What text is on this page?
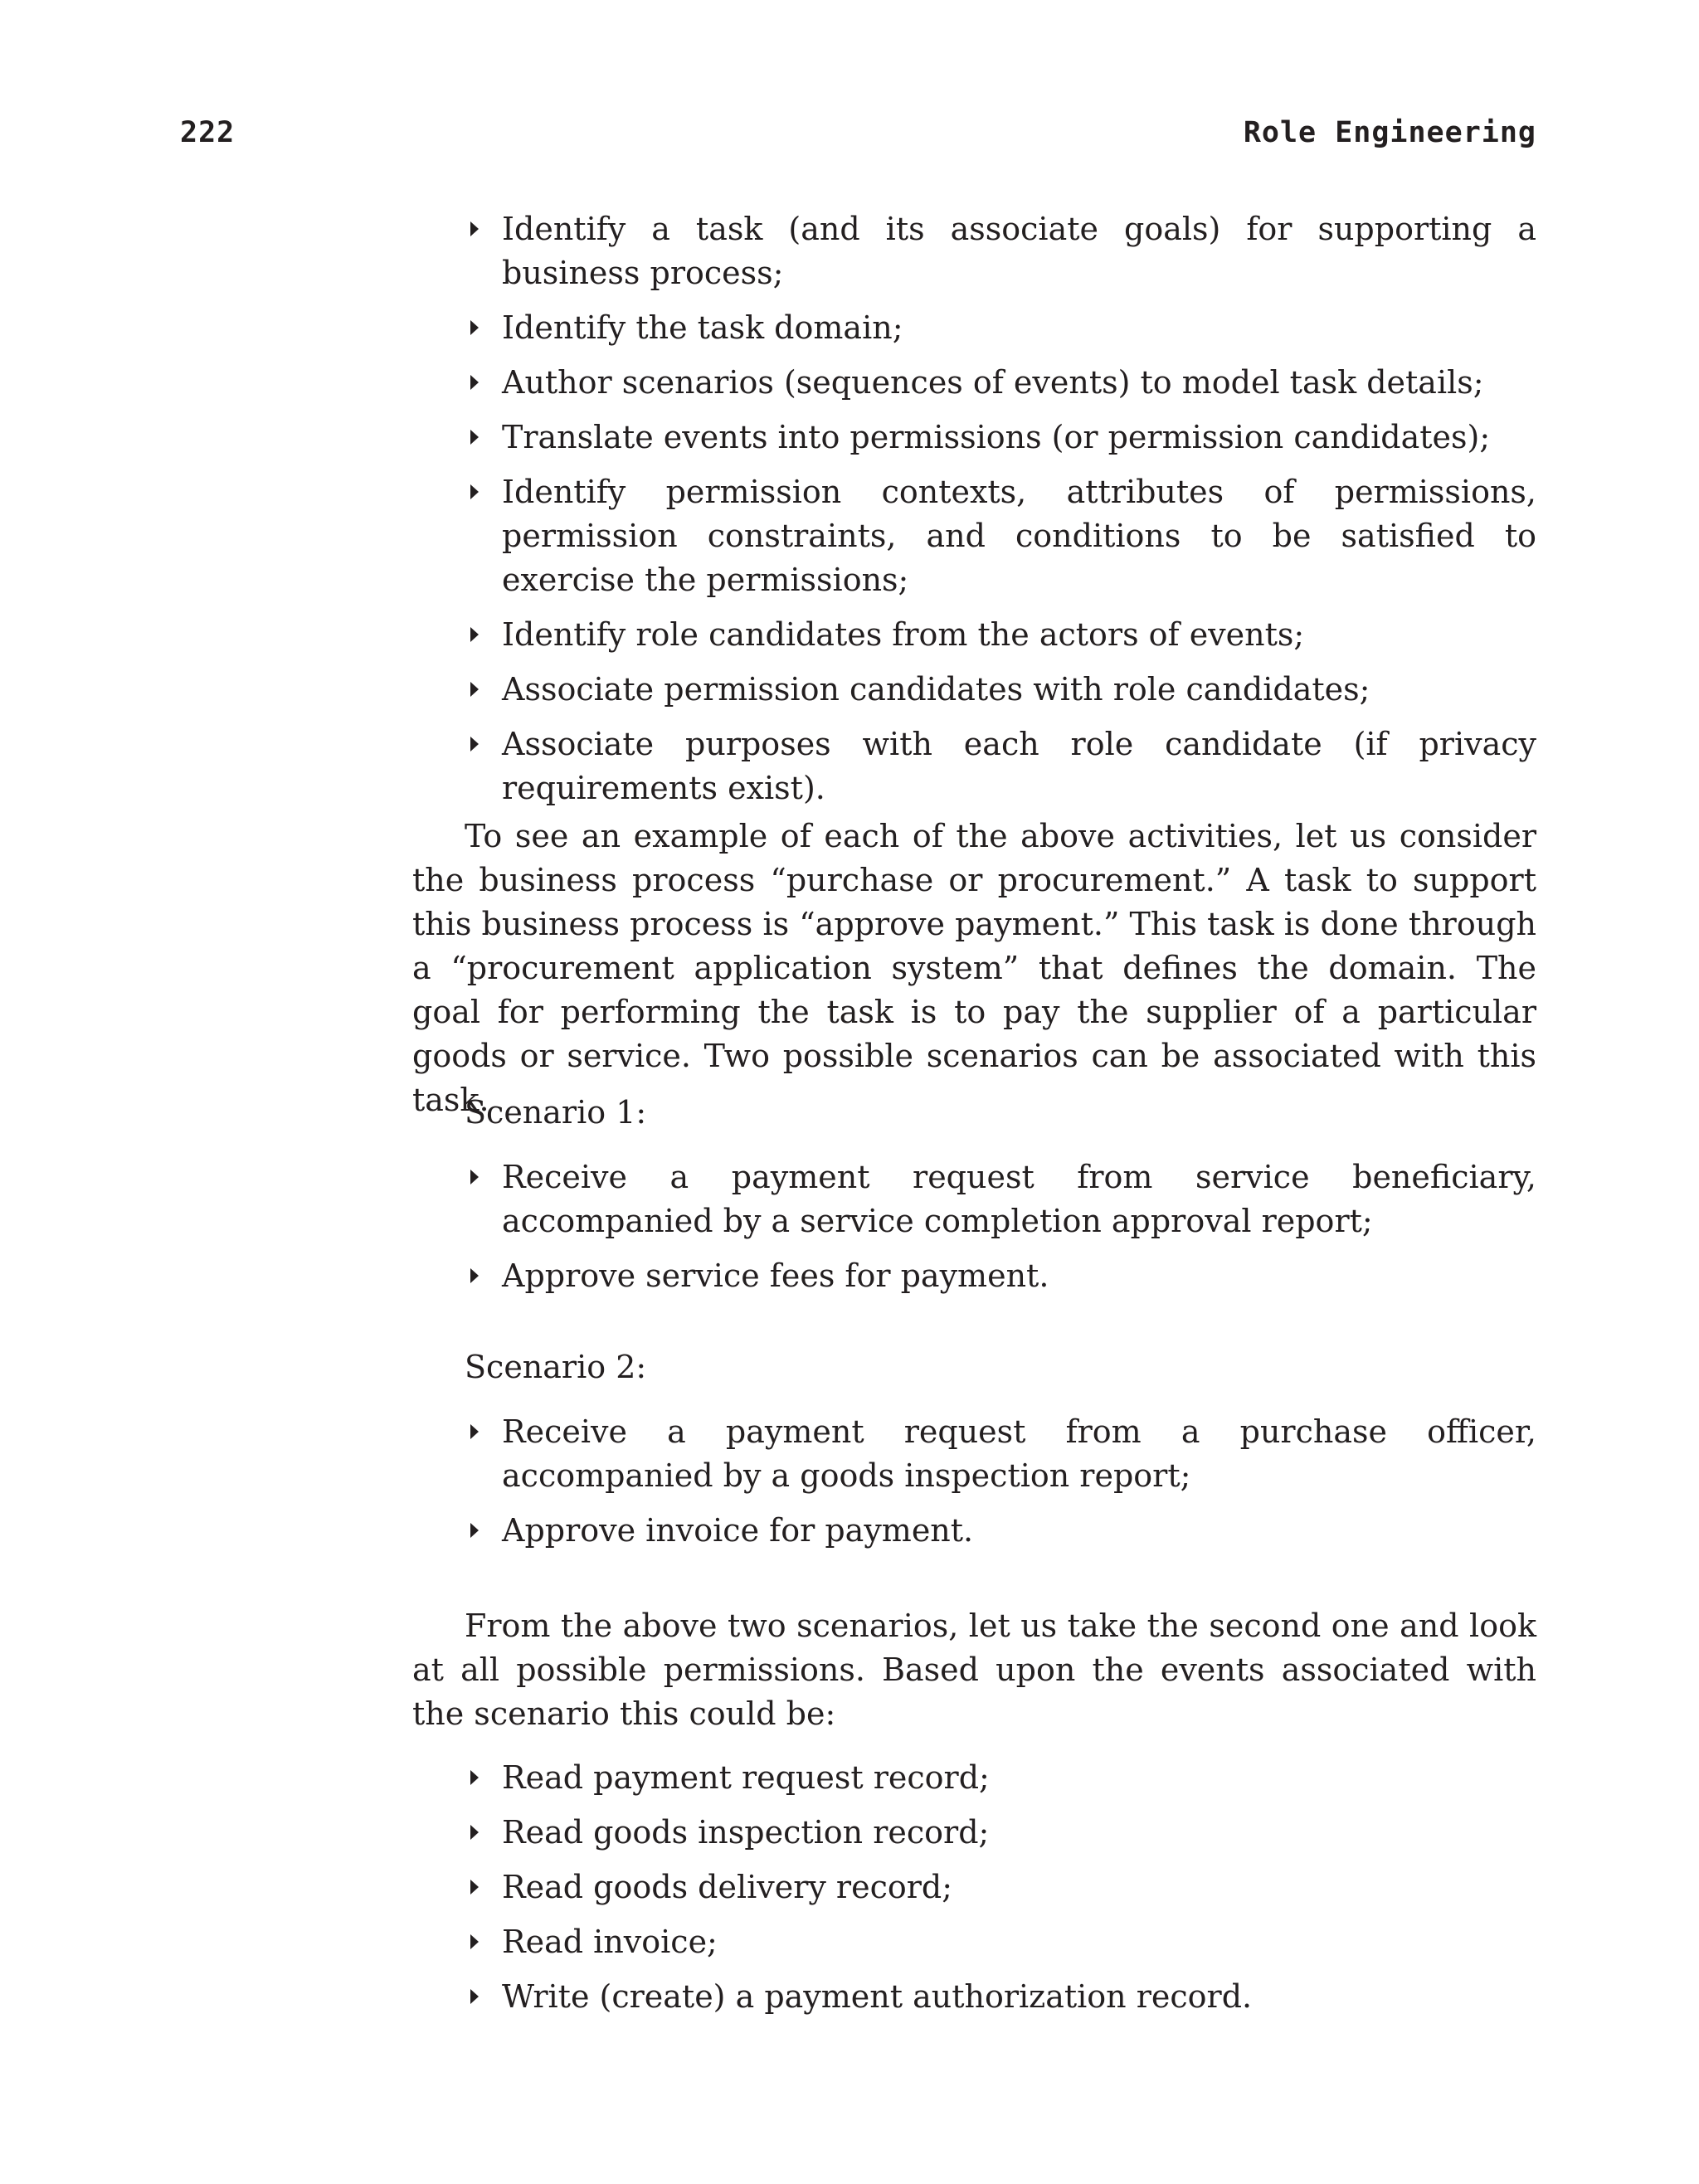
222	Role Engineering
Identify a task (and its associate goals) for supporting a business process;
Identify the task domain;
Author scenarios (sequences of events) to model task details;
Translate events into permissions (or permission candidates);
Identify permission contexts, attributes of permissions, permission constraints, and conditions to be satisfied to exercise the permissions;
Identify role candidates from the actors of events;
Associate permission candidates with role candidates;
Associate purposes with each role candidate (if privacy requirements exist).

To see an example of each of the above activities, let us consider the business process “purchase or procurement.” A task to support this business process is “approve payment.” This task is done through a “procurement application system” that defines the domain. The goal for performing the task is to pay the supplier of a particular goods or service. Two possible scenarios can be associated with this task.

Scenario 1:

Receive a payment request from service beneficiary, accompanied by a service completion approval report;
Approve service fees for payment.

Scenario 2:

Receive a payment request from a purchase officer, accompanied by a goods inspection report;
Approve invoice for payment.

From the above two scenarios, let us take the second one and look at all possible permissions. Based upon the events associated with the scenario this could be:

Read payment request record;
Read goods inspection record;
Read goods delivery record;
Read invoice;
Write (create) a payment authorization record.
